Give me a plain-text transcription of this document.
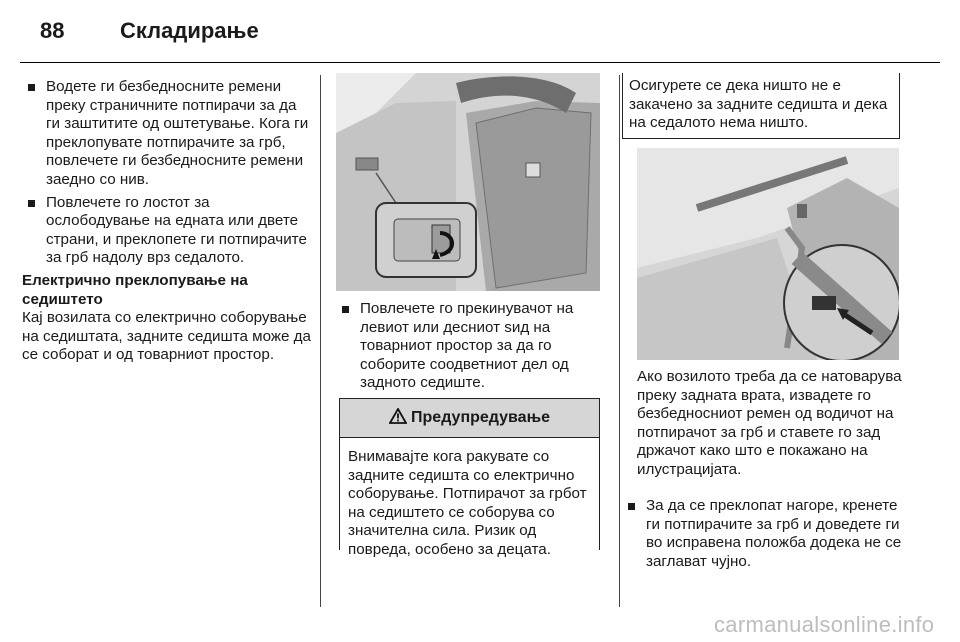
88	Складирање
Водете ги безбедносните ремени преку страничните потпирачи за да ги заштитите од оштетување. Кога ги преклопувате потпирачите за грб, повлечете ги безбедносните ремени заедно со нив.
Повлечете го лостот за ослободување на едната или двете страни, и преклопете ги потпирачите за грб надолу врз седалото.

Електрично преклопување на седиштето

Кај возилата со електрично соборување на седиштата, задните седишта може да се соборат и од товарниот простор.

Повлечете го прекинувачот на левиот или десниот ѕид на товарниот простор за да го соборите соодветниот дел од задното седиште.
Предупредување
Внимавајте кога ракувате со задните седишта со електрично соборување. Потпирачот за грбот на седиштето се соборува со значителна сила. Ризик од повреда, особено за децата.
Осигурете се дека ништо не е закачено за задните седишта и дека на седалото нема ништо.
Ако возилото треба да се натоварува преку задната врата, извадете го безбедносниот ремен од водичот на потпирачот за грб и ставете го зад држачот како што е покажано на илустрацијата.
За да се преклопат нагоре, кренете ги потпирачите за грб и доведете ги во исправена положба додека не се заглават чујно.
carmanualsonline.info
